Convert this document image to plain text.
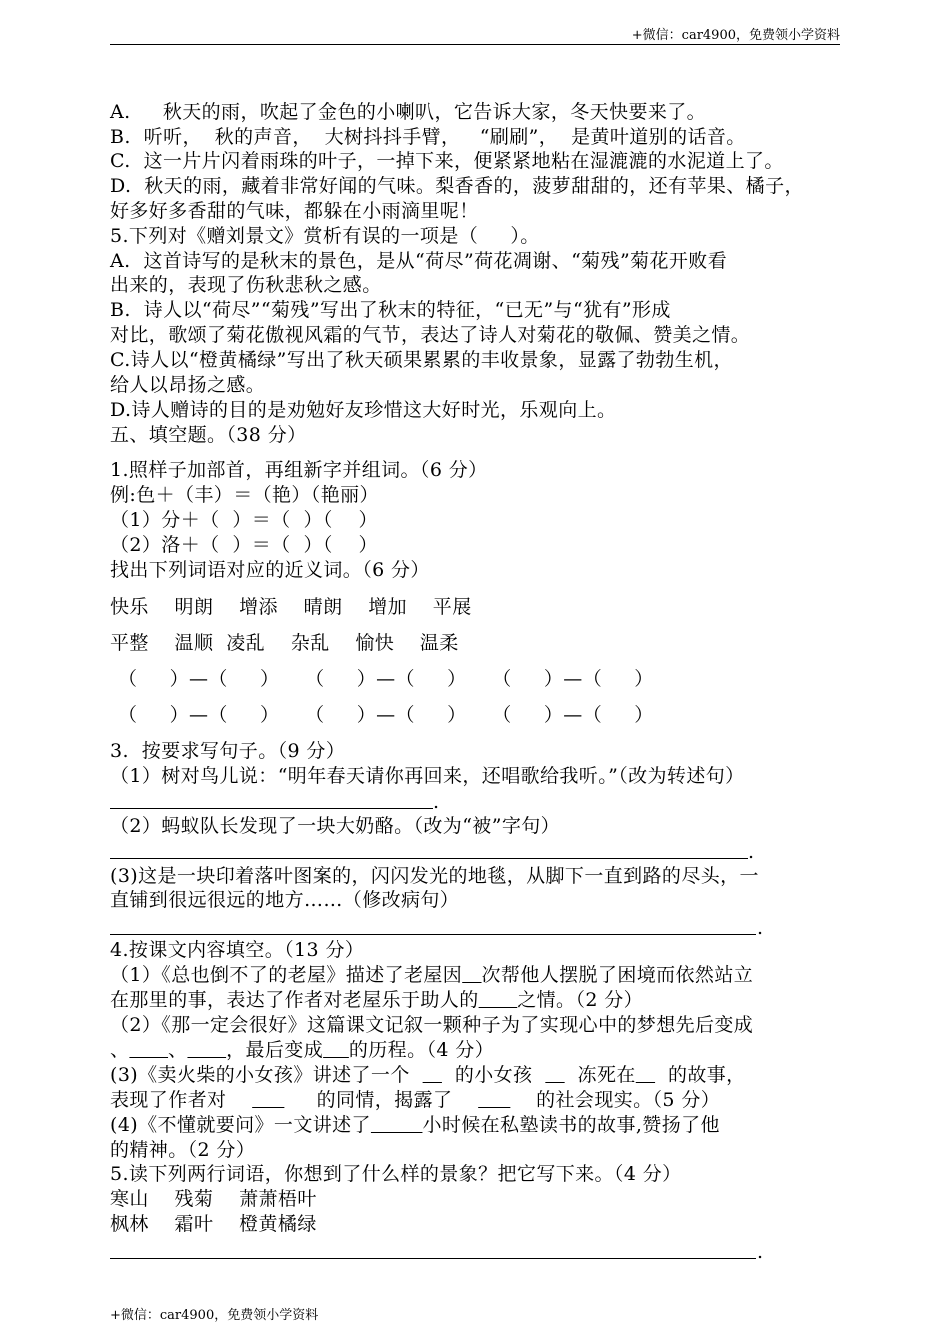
+微信：car4900，免费领小学资料
A.　  秋天的雨，吹起了金色的小喇叭，它告诉大家，冬天快要来了。
B.  听听，  秋的声音，  大树抖抖手臂，   “刷刷”，  是黄叶道别的话音。
C.  这一片片闪着雨珠的叶子，一掉下来，便紧紧地粘在湿漉漉的水泥道上了。
D.  秋天的雨，藏着非常好闻的气味。梨香香的，菠萝甜甜的，还有苹果、橘子，
好多好多香甜的气味，都躲在小雨滴里呢！
5.下列对《赠刘景文》赏析有误的一项是（     ）。
A.  这首诗写的是秋末的景色，是从“荷尽”荷花凋谢、“菊残”菊花开败看
出来的，表现了伤秋悲秋之感。
B.  诗人以“荷尽”“菊残”写出了秋末的特征，“已无”与“犹有”形成
对比，歌颂了菊花傲视风霜的气节，表达了诗人对菊花的敬佩、赞美之情。
C.诗人以“橙黄橘绿”写出了秋天硕果累累的丰收景象，显露了勃勃生机，
给人以昂扬之感。
D.诗人赠诗的目的是劝勉好友珍惜这大好时光，乐观向上。
五、填空题。（38 分）
1.照样子加部首，再组新字并组词。（6 分）
例:色＋（丰）＝（艳）（艳丽）
（1）分＋（  ）＝（  ）（    ）
（2）洛＋（  ）＝（  ）（    ）
找出下列词语对应的近义词。（6 分）
快乐    明朗    增添    晴朗    增加    平展
平整    温顺  凌乱    杂乱    愉快    温柔
（     ）—（     ）    （     ）—（     ）    （     ）—（     ）
（     ）—（     ）    （     ）—（     ）    （     ）—（     ）
3.  按要求写句子。（9 分）
（1）树对鸟儿说：“明年春天请你再回来，还唱歌给我听。”（改为转述句）
.
（2）蚂蚁队长发现了一块大奶酪。（改为“被”字句）
.
(3)这是一块印着落叶图案的，闪闪发光的地毯，从脚下一直到路的尽头，一
直铺到很远很远的地方……（修改病句）
.
4.按课文内容填空。（13 分）
（1）《总也倒不了的老屋》描述了老屋因 次帮他人摆脱了困境而依然站立
在那里的事，表达了作者对老屋乐于助人的 之情。（2 分）
（2）《那一定会很好》这篇课文记叙一颗种子为了实现心中的梦想先后变成
、 、 ，最后变成 的历程。（4 分）
(3)《卖火柴的小女孩》讲述了一个 的小女孩 冻死在 的故事，
表现了作者对	的同情，揭露了	的社会现实。（5 分）
(4)《不懂就要问》一文讲述了	小时候在私塾读书的故事,赞扬了他
的精神。（2 分）
5.读下列两行词语，你想到了什么样的景象？把它写下来。（4 分）
寒山    残菊    萧萧梧叶
枫林    霜叶    橙黄橘绿
.
+微信：car4900，免费领小学资料
